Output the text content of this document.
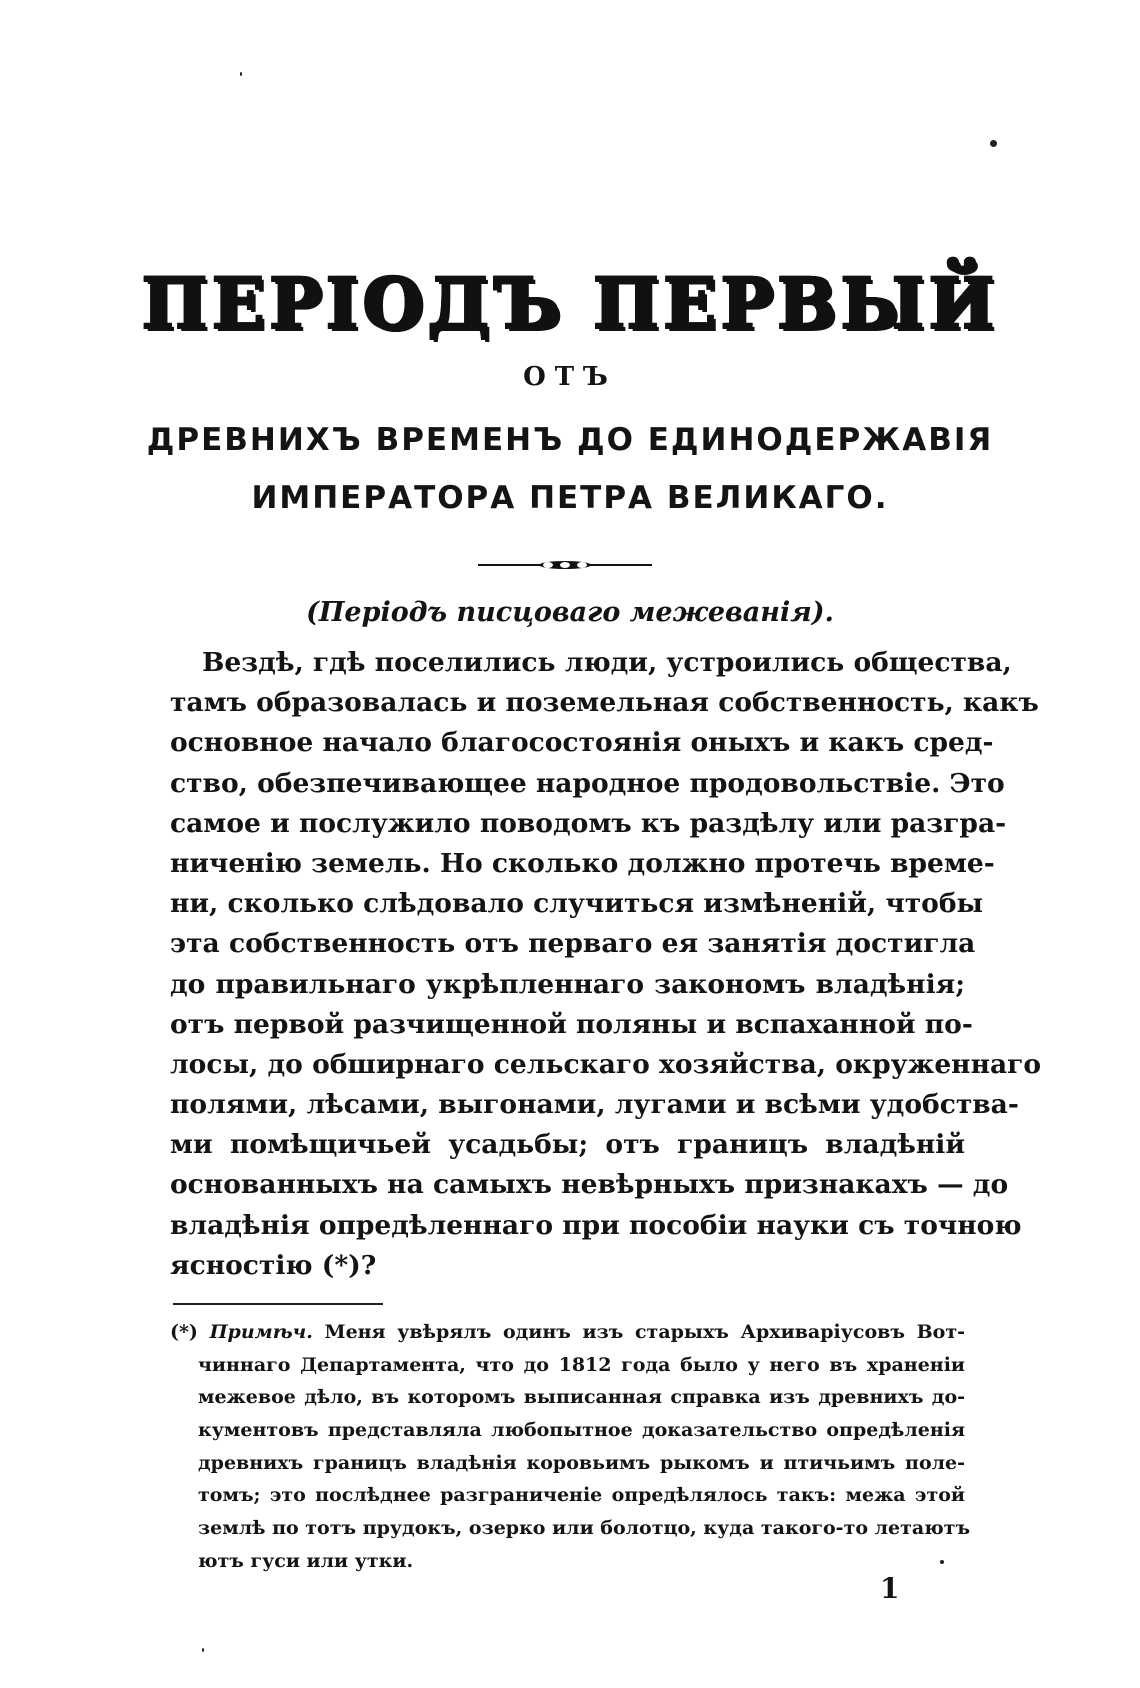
ПЕРІОДЪ ПЕРВЫЙ
ОТЪ
ДРЕВНИХЪ ВРЕМЕНЪ ДО ЕДИНОДЕРЖАВІЯ
ИМПЕРАТОРА ПЕТРА ВЕЛИКАГО.
(Періодъ писцоваго межеванія).
Вездѣ, гдѣ поселились люди, устроились общества,
тамъ образовалась и поземельная собственность, какъ
основное начало благосостоянія оныхъ и какъ сред-
ство, обезпечивающее народное продовольствіе. Это
самое и послужило поводомъ къ раздѣлу или разгра-
ниченію земель. Но сколько должно протечь време-
ни, сколько слѣдовало случиться измѣненій, чтобы
эта собственность отъ перваго ея занятія достигла
до правильнаго укрѣпленнаго закономъ владѣнія;
отъ первой разчищенной поляны и вспаханной по-
лосы, до обширнаго сельскаго хозяйства, окруженнаго
полями, лѣсами, выгонами, лугами и всѣми удобства-
ми помѣщичьей усадьбы; отъ границъ владѣній
основанныхъ на самыхъ невѣрныхъ признакахъ — до
владѣнія опредѣленнаго при пособіи науки съ точною
ясностію (*)?
(*) Примѣч. Меня увѣрялъ одинъ изъ старыхъ Архиваріусовъ Вот-
чиннаго Департамента, что до 1812 года было у него въ храненіи
межевое дѣло, въ которомъ выписанная справка изъ древнихъ до-
кументовъ представляла любопытное доказательство опредѣленія
древнихъ границъ владѣнія коровьимъ рыкомъ и птичьимъ поле-
томъ; это послѣднее разграниченіе опредѣлялось такъ: межа этой
землѣ по тотъ прудокъ, озерко или болотцо, куда такого-то летаютъ
ютъ гуси или утки.
1
